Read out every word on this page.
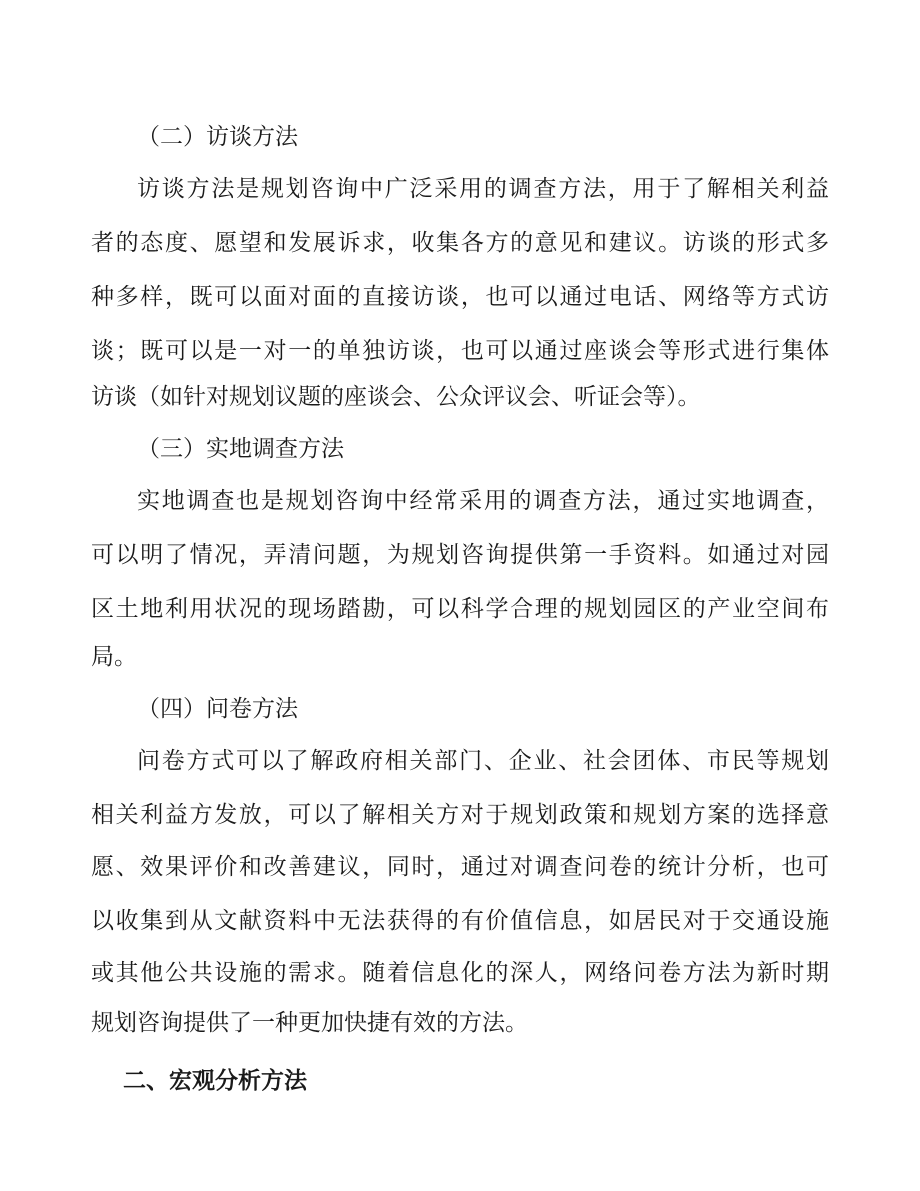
（二）访谈方法
访谈方法是规划咨询中广泛采用的调查方法，用于了解相关利益
者的态度、愿望和发展诉求，收集各方的意见和建议。访谈的形式多
种多样，既可以面对面的直接访谈，也可以通过电话、网络等方式访
谈；既可以是一对一的单独访谈，也可以通过座谈会等形式进行集体
访谈（如针对规划议题的座谈会、公众评议会、听证会等）。
（三）实地调查方法
实地调查也是规划咨询中经常采用的调查方法，通过实地调查，
可以明了情况，弄清问题，为规划咨询提供第一手资料。如通过对园
区土地利用状况的现场踏勘，可以科学合理的规划园区的产业空间布
局。
（四）问卷方法
问卷方式可以了解政府相关部门、企业、社会团体、市民等规划
相关利益方发放，可以了解相关方对于规划政策和规划方案的选择意
愿、效果评价和改善建议，同时，通过对调查问卷的统计分析，也可
以收集到从文献资料中无法获得的有价值信息，如居民对于交通设施
或其他公共设施的需求。随着信息化的深人，网络问卷方法为新时期
规划咨询提供了一种更加快捷有效的方法。
二、宏观分析方法
